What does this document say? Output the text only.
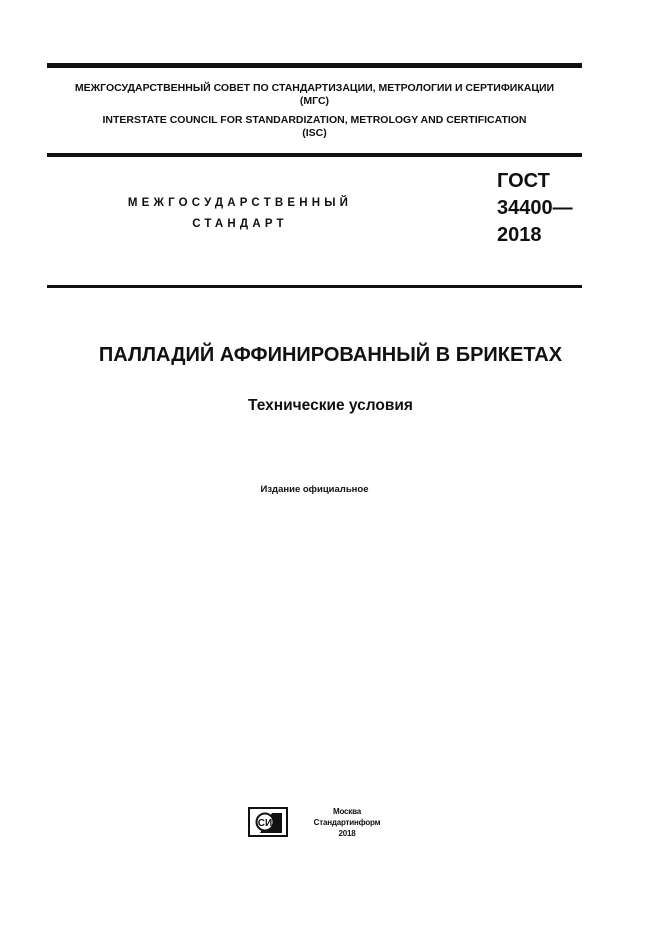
МЕЖГОСУДАРСТВЕННЫЙ СОВЕТ ПО СТАНДАРТИЗАЦИИ, МЕТРОЛОГИИ И СЕРТИФИКАЦИИ
(МГС)
INTERSTATE COUNCIL FOR STANDARDIZATION, METROLOGY AND CERTIFICATION
(ISC)
МЕЖГОСУДАРСТВЕННЫЙ
СТАНДАРТ
ГОСТ
34400—
2018
ПАЛЛАДИЙ АФФИНИРОВАННЫЙ В БРИКЕТАХ
Технические условия
Издание официальное
СИ
Москва
Стандартинформ
2018
